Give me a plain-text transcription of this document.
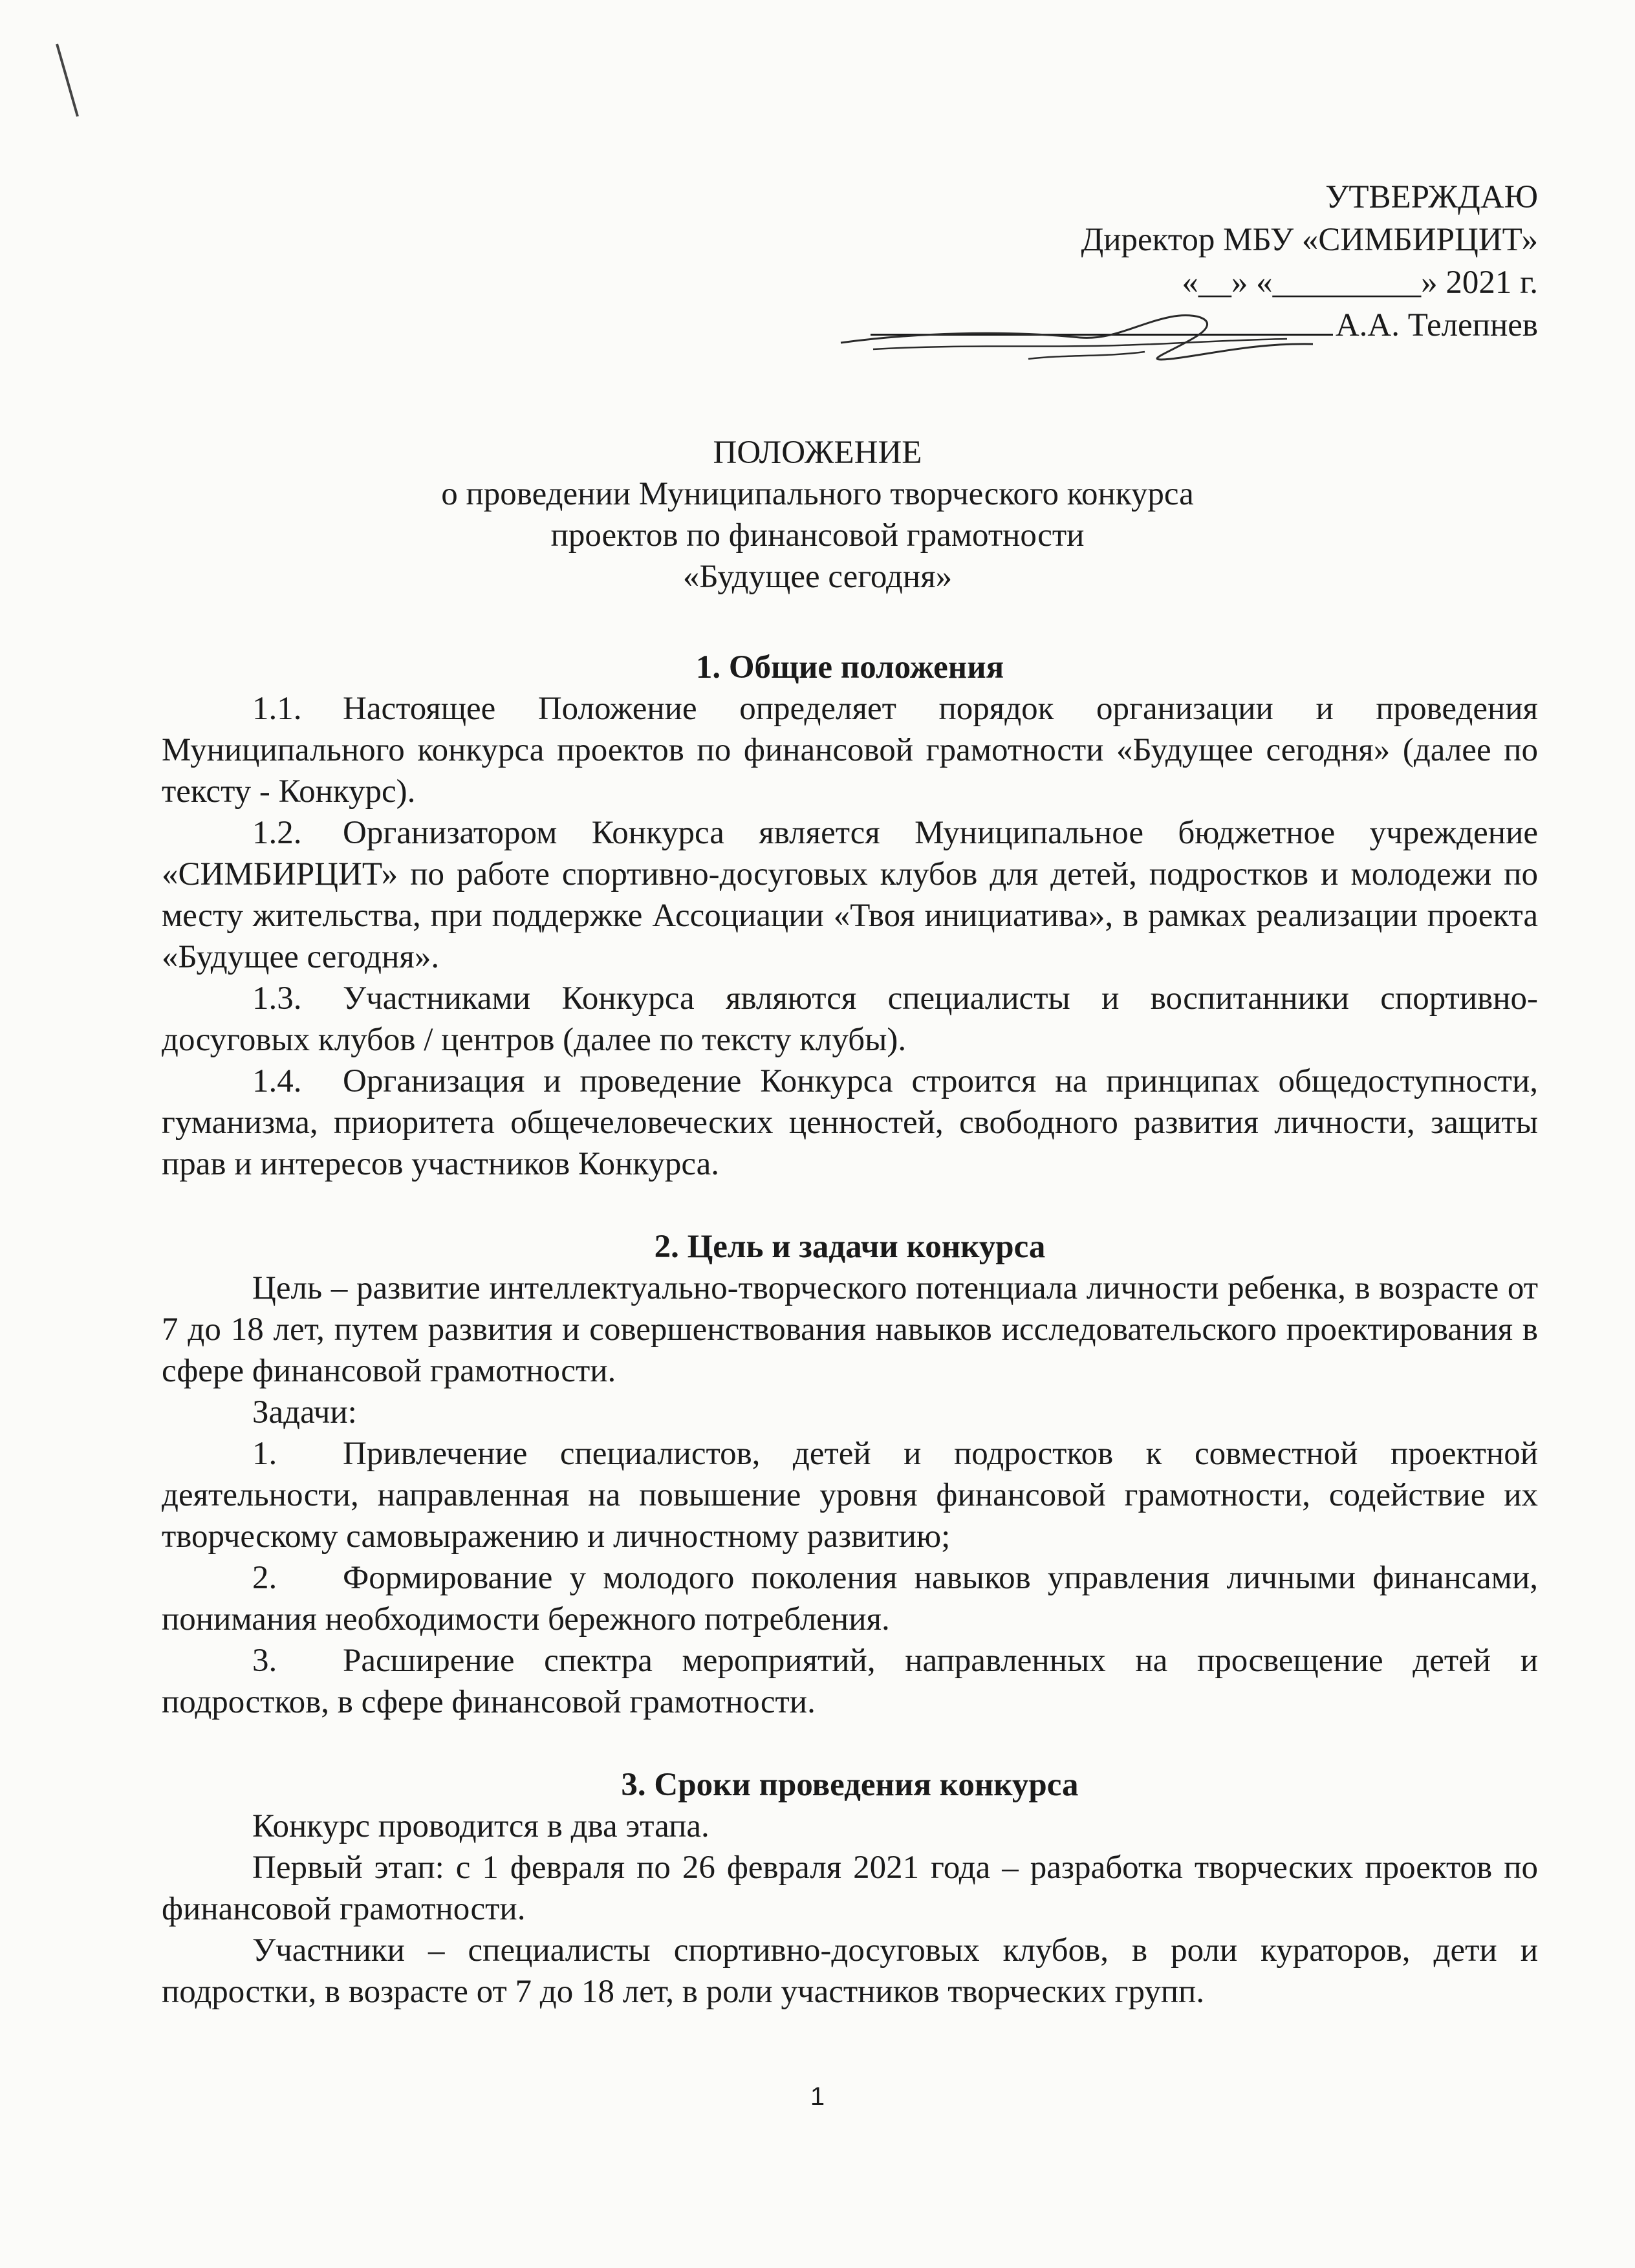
УТВЕРЖДАЮ
Директор МБУ «СИМБИРЦИТ»
«__» «_________» 2021 г.
А.А. Телепнев
ПОЛОЖЕНИЕ
о проведении Муниципального творческого конкурса
проектов по финансовой грамотности
«Будущее сегодня»

1. Общие положения

1.1. Настоящее Положение определяет порядок организации и проведения Муниципального конкурса проектов по финансовой грамотности «Будущее сегодня» (далее по тексту - Конкурс).

1.2. Организатором Конкурса является Муниципальное бюджетное учреждение «СИМБИРЦИТ» по работе спортивно-досуговых клубов для детей, подростков и молодежи по месту жительства, при поддержке Ассоциации «Твоя инициатива», в рамках реализации проекта «Будущее сегодня».

1.3. Участниками Конкурса являются специалисты и воспитанники спортивно-досуговых клубов / центров (далее по тексту клубы).

1.4. Организация и проведение Конкурса строится на принципах общедоступности, гуманизма, приоритета общечеловеческих ценностей, свободного развития личности, защиты прав и интересов участников Конкурса.

2. Цель и задачи конкурса

Цель – развитие интеллектуально-творческого потенциала личности ребенка, в возрасте от 7 до 18 лет, путем развития и совершенствования навыков исследовательского проектирования в сфере финансовой грамотности.

Задачи:

1. Привлечение специалистов, детей и подростков к совместной проектной деятельности, направленная на повышение уровня финансовой грамотности, содействие их творческому самовыражению и личностному развитию;

2. Формирование у молодого поколения навыков управления личными финансами, понимания необходимости бережного потребления.

3. Расширение спектра мероприятий, направленных на просвещение детей и подростков, в сфере финансовой грамотности.

3. Сроки проведения конкурса

Конкурс проводится в два этапа.

Первый этап: с 1 февраля по 26 февраля 2021 года – разработка творческих проектов по финансовой грамотности.

Участники – специалисты спортивно-досуговых клубов, в роли кураторов, дети и подростки, в возрасте от 7 до 18 лет, в роли участников творческих групп.

1
